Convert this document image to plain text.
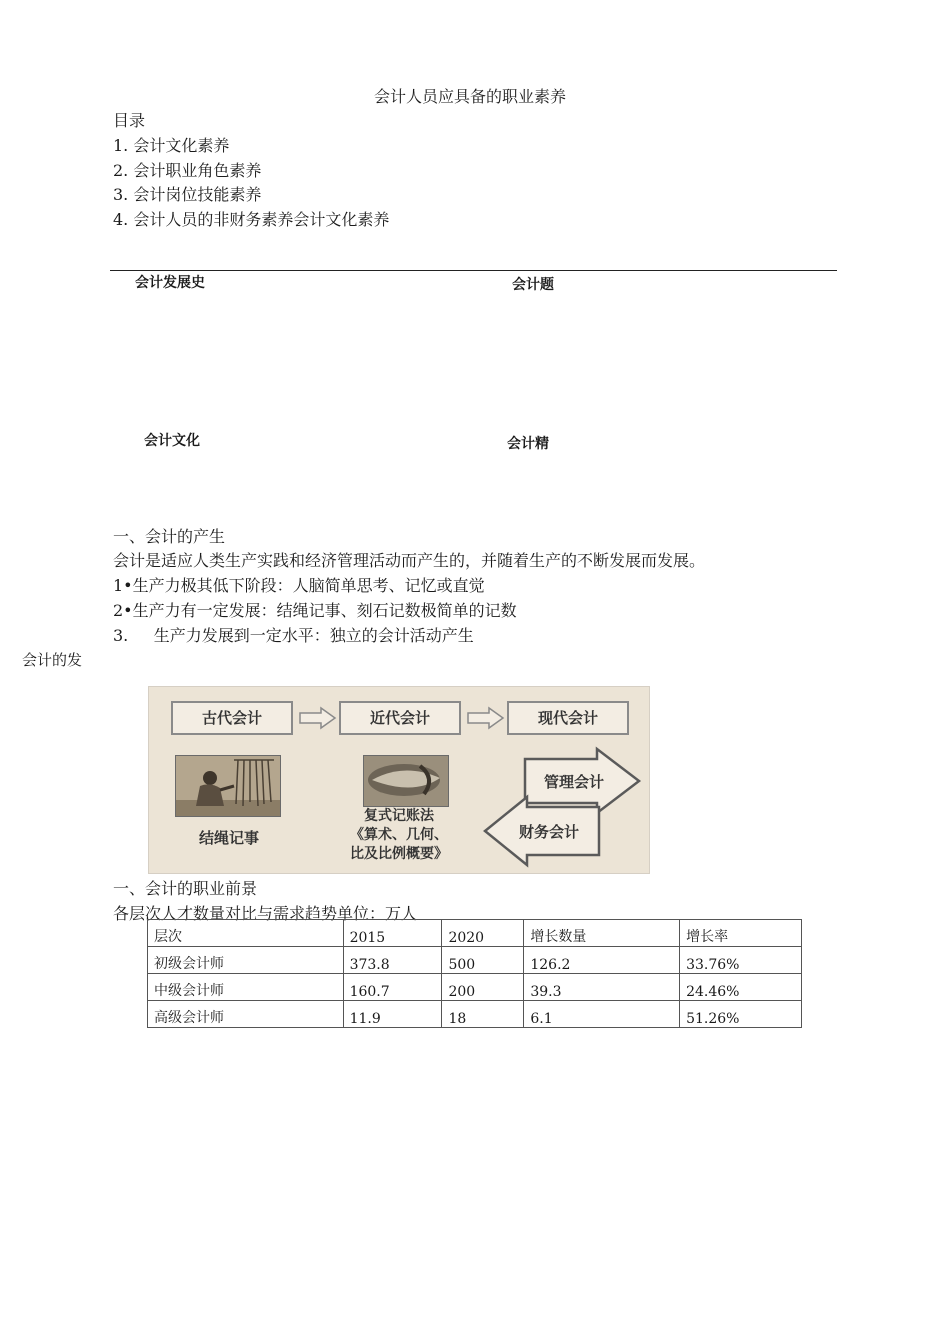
会计人员应具备的职业素养
目录
1. 会计文化素养
2. 会计职业角色素养
3. 会计岗位技能素养
4. 会计人员的非财务素养会计文化素养
会计发展史	会计题
会计文化	会计精
一、会计的产生
会计是适应人类生产实践和经济管理活动而产生的，并随着生产的不断发展而发展。
1•生产力极其低下阶段：人脑简单思考、记忆或直觉
2•生产力有一定发展：结绳记事、刻石记数极简单的记数
3.     生产力发展到一定水平：独立的会计活动产生
会计的发
古代会计	近代会计	现代会计
结绳记事
复式记账法
《算术、几何、
比及比例概要》
管理会计
财务会计
一、会计的职业前景
各层次人才数量对比与需求趋势单位：万人
层次	2015	2020	增长数量	增长率
初级会计师	373.8	500	126.2	33.76%
中级会计师	160.7	200	39.3	24.46%
高级会计师	11.9	18	6.1	51.26%
